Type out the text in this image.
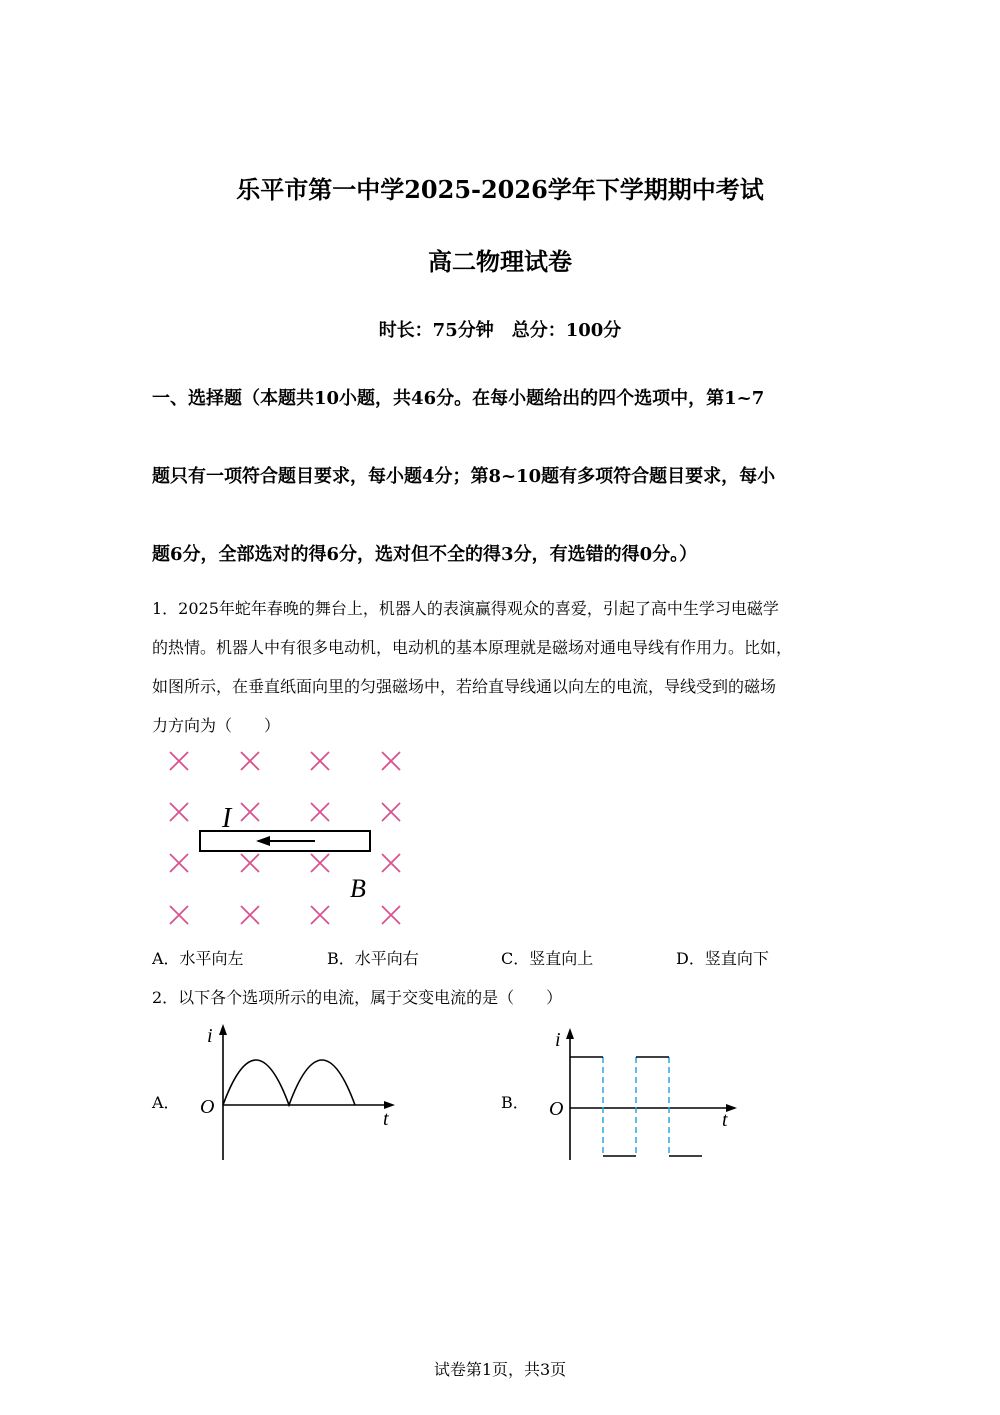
乐平市第一中学2025-2026学年下学期期中考试
高二物理试卷
时长：75分钟　总分：100分
一、选择题（本题共10小题，共46分。在每小题给出的四个选项中，第1~7
题只有一项符合题目要求，每小题4分；第8~10题有多项符合题目要求，每小
题6分，全部选对的得6分，选对但不全的得3分，有选错的得0分。）
1．2025年蛇年春晚的舞台上，机器人的表演赢得观众的喜爱，引起了高中生学习电磁学
的热情。机器人中有很多电动机，电动机的基本原理就是磁场对通电导线有作用力。比如，
如图所示，在垂直纸面向里的匀强磁场中，若给直导线通以向左的电流，导线受到的磁场
力方向为（　　）
I
B
A．水平向左	B．水平向右	C．竖直向上	D．竖直向下
2．以下各个选项所示的电流，属于交变电流的是（　　）
A．
i
t
O	B．
i
t
O
试卷第1页，共3页
